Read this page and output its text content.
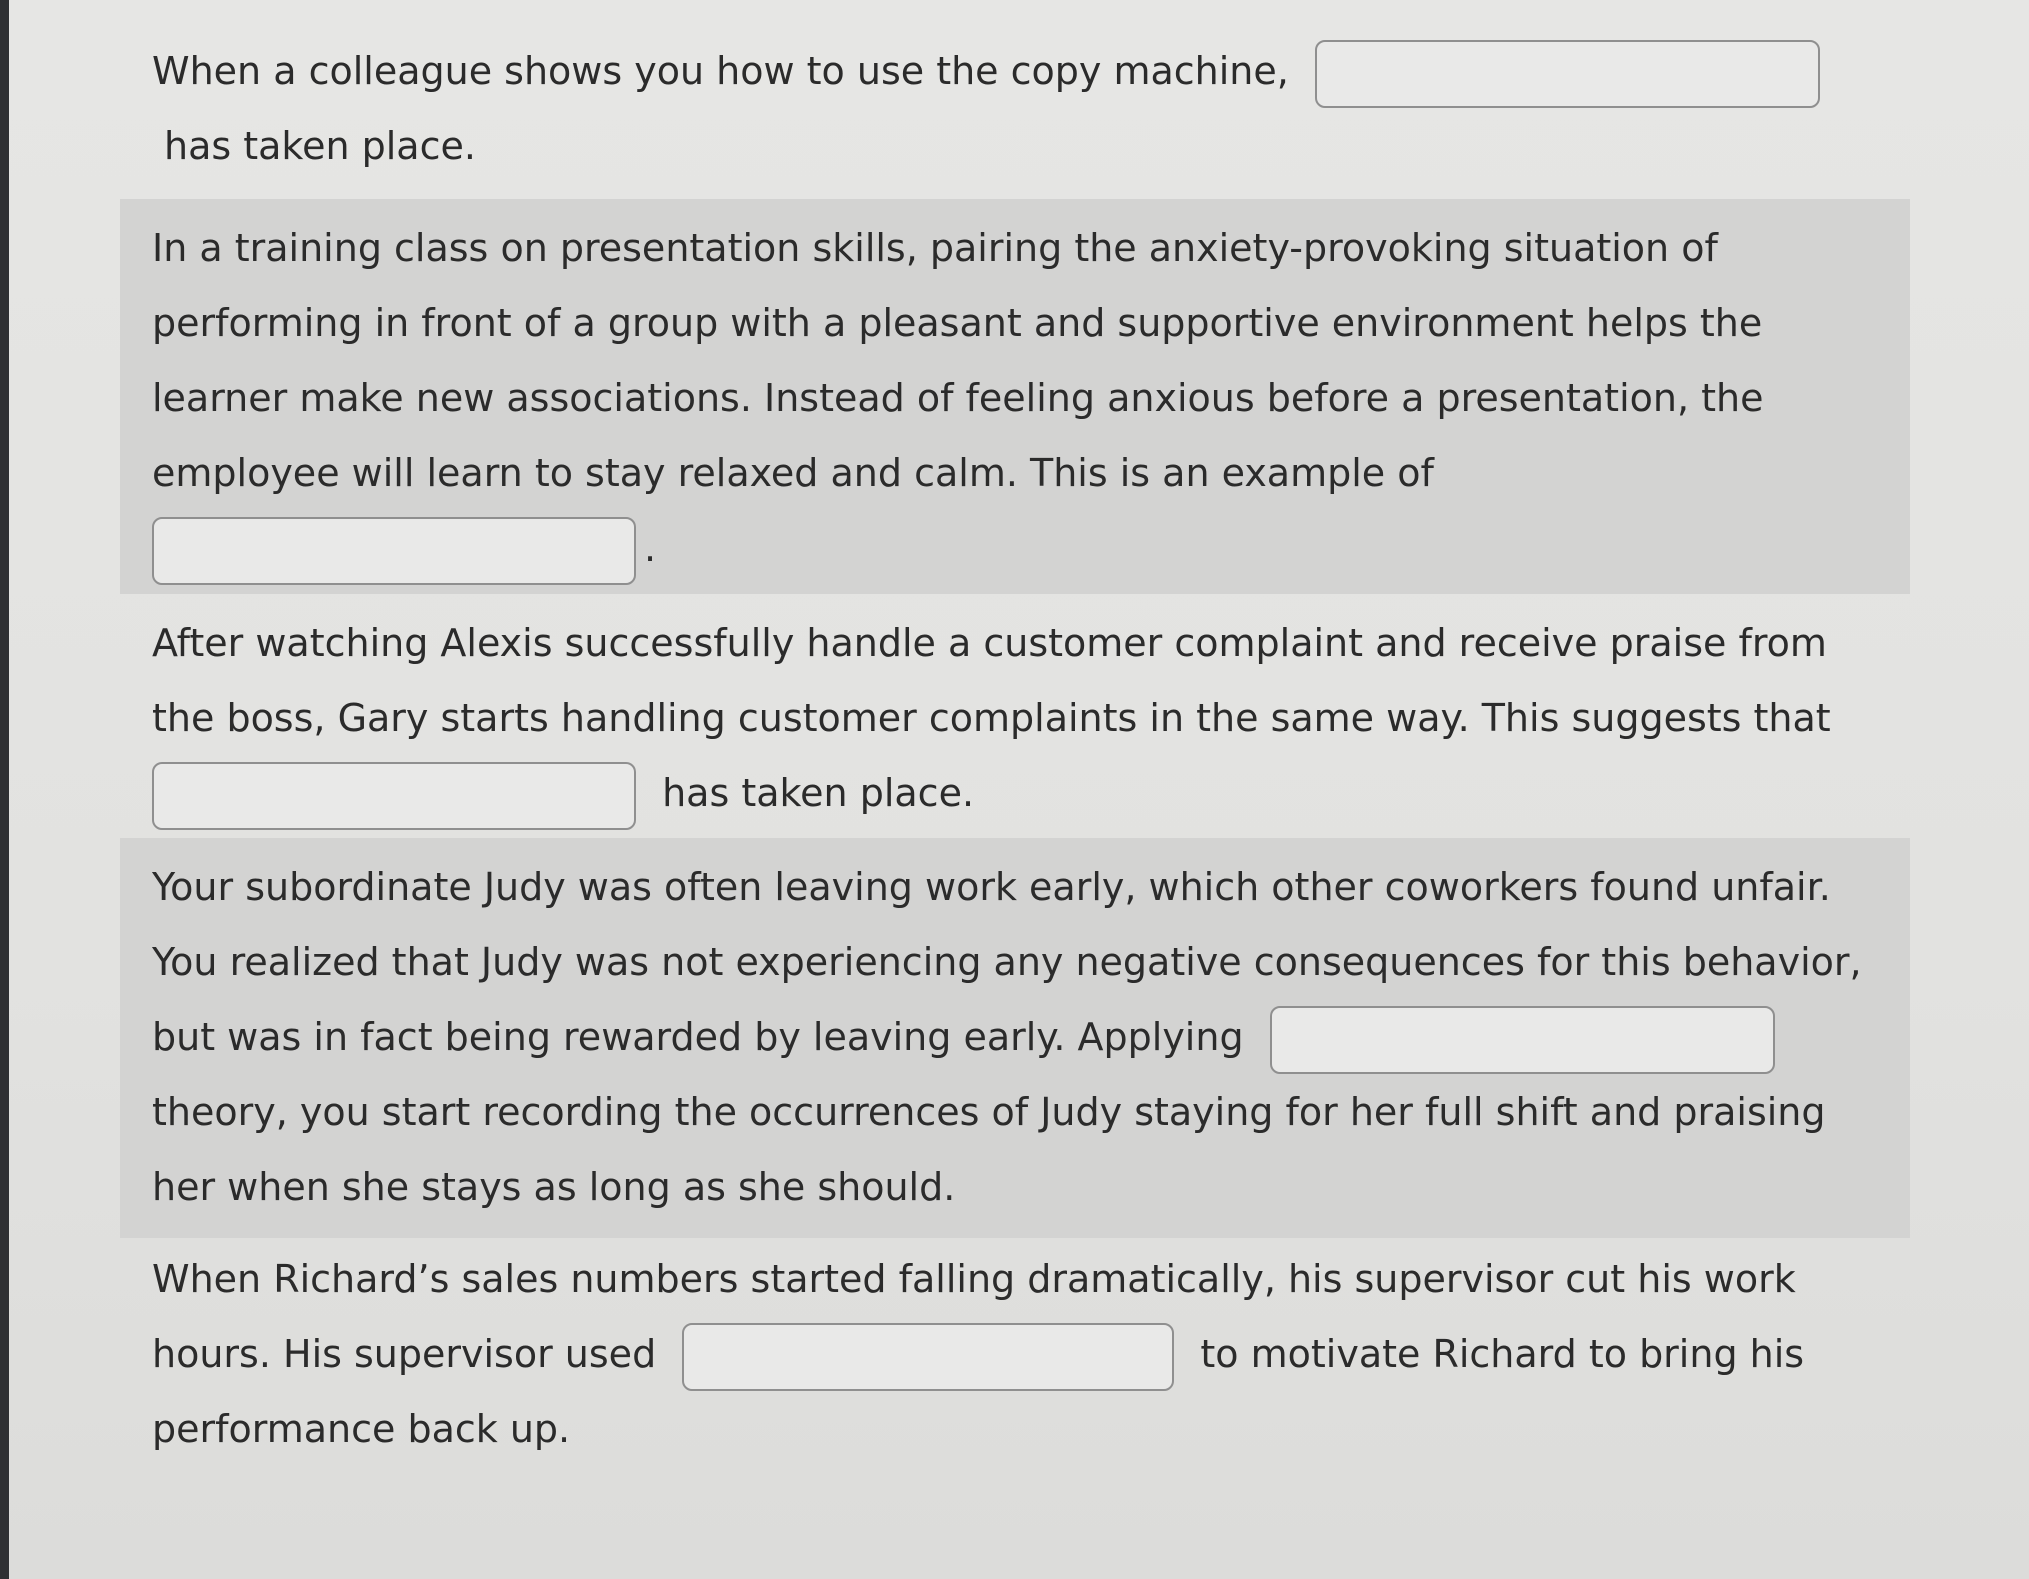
When a colleague shows you how to use the copy machine,
has taken place.
In a training class on presentation skills, pairing the anxiety-provoking situation of performing in front of a group with a pleasant and supportive environment helps the learner make new associations. Instead of feeling anxious before a presentation, the employee will learn to stay relaxed and calm. This is an example of
.
After watching Alexis successfully handle a customer complaint and receive praise from the boss, Gary starts handling customer complaints in the same way. This suggests that
has taken place.
Your subordinate Judy was often leaving work early, which other coworkers found unfair. You realized that Judy was not experiencing any negative consequences for this behavior, but was in fact being rewarded by leaving early. Applying  theory, you start recording the occurrences of Judy staying for her full shift and praising her when she stays as long as she should.
When Richard’s sales numbers started falling dramatically, his supervisor cut his work hours. His supervisor used	to motivate Richard to bring his performance back up.
